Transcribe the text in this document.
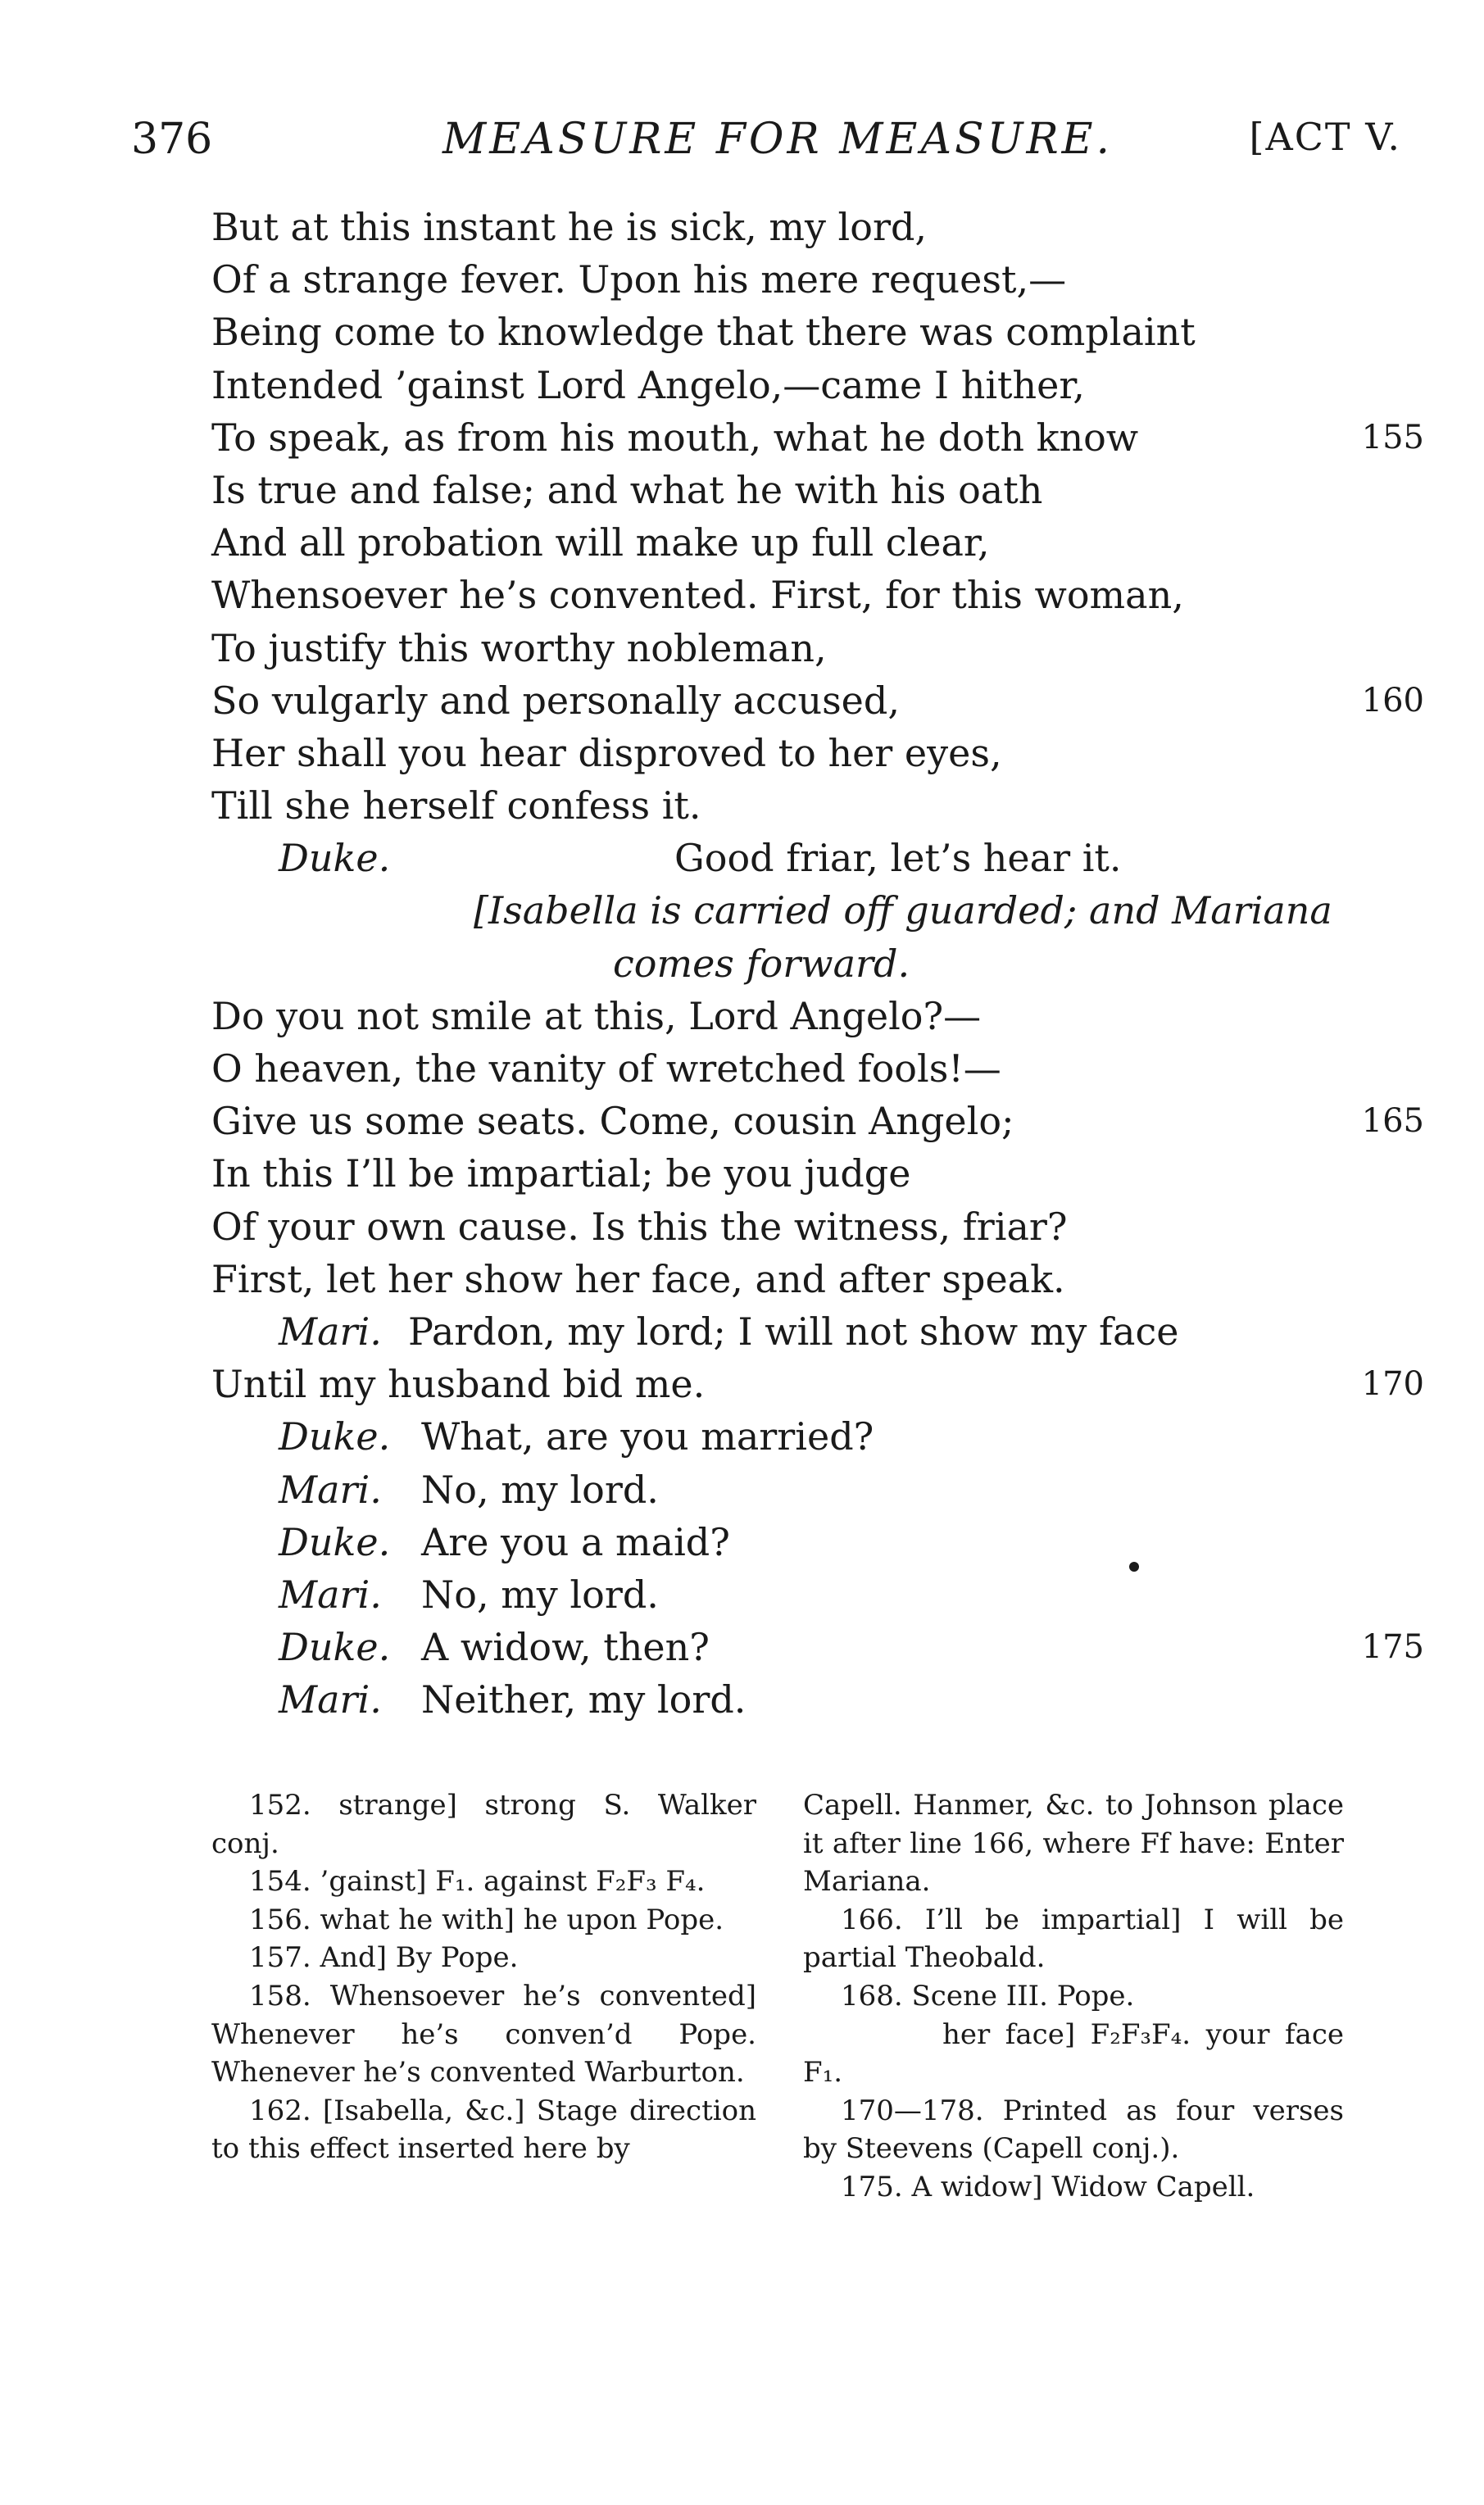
376	MEASURE FOR MEASURE.	[ACT V.
But at this instant he is sick, my lord,
Of a strange fever. Upon his mere request,—
Being come to knowledge that there was complaint
Intended ’gainst Lord Angelo,—came I hither,
To speak, as from his mouth, what he doth know	155
Is true and false; and what he with his oath
And all probation will make up full clear,
Whensoever he’s convented. First, for this woman,
To justify this worthy nobleman,
So vulgarly and personally accused,	160
Her shall you hear disproved to her eyes,
Till she herself confess it.
Duke.	Good friar, let’s hear it.
[Isabella is carried off guarded; and Mariana
comes forward.
Do you not smile at this, Lord Angelo?—
O heaven, the vanity of wretched fools!—
Give us some seats. Come, cousin Angelo;	165
In this I’ll be impartial; be you judge
Of your own cause. Is this the witness, friar?
First, let her show her face, and after speak.
Mari. Pardon, my lord; I will not show my face
Until my husband bid me.	170
Duke. What, are you married?
Mari. No, my lord.
Duke. Are you a maid?
Mari. No, my lord.
Duke. A widow, then?	175
Mari. Neither, my lord.
152. strange] strong S. Walker conj.
154. ’gainst] F₁. against F₂F₃ F₄.
156. what he with] he upon Pope.
157. And] By Pope.
158. Whensoever he’s convented] Whenever he’s conven’d Pope. Whenever he’s convented Warburton.
162. [Isabella, &c.] Stage direction to this effect inserted here by
Capell. Hanmer, &c. to Johnson place it after line 166, where Ff have: Enter Mariana.
166. I’ll be impartial] I will be partial Theobald.
168. Scene III. Pope.
her face] F₂F₃F₄. your face F₁.
170—178. Printed as four verses by Steevens (Capell conj.).
175. A widow] Widow Capell.
